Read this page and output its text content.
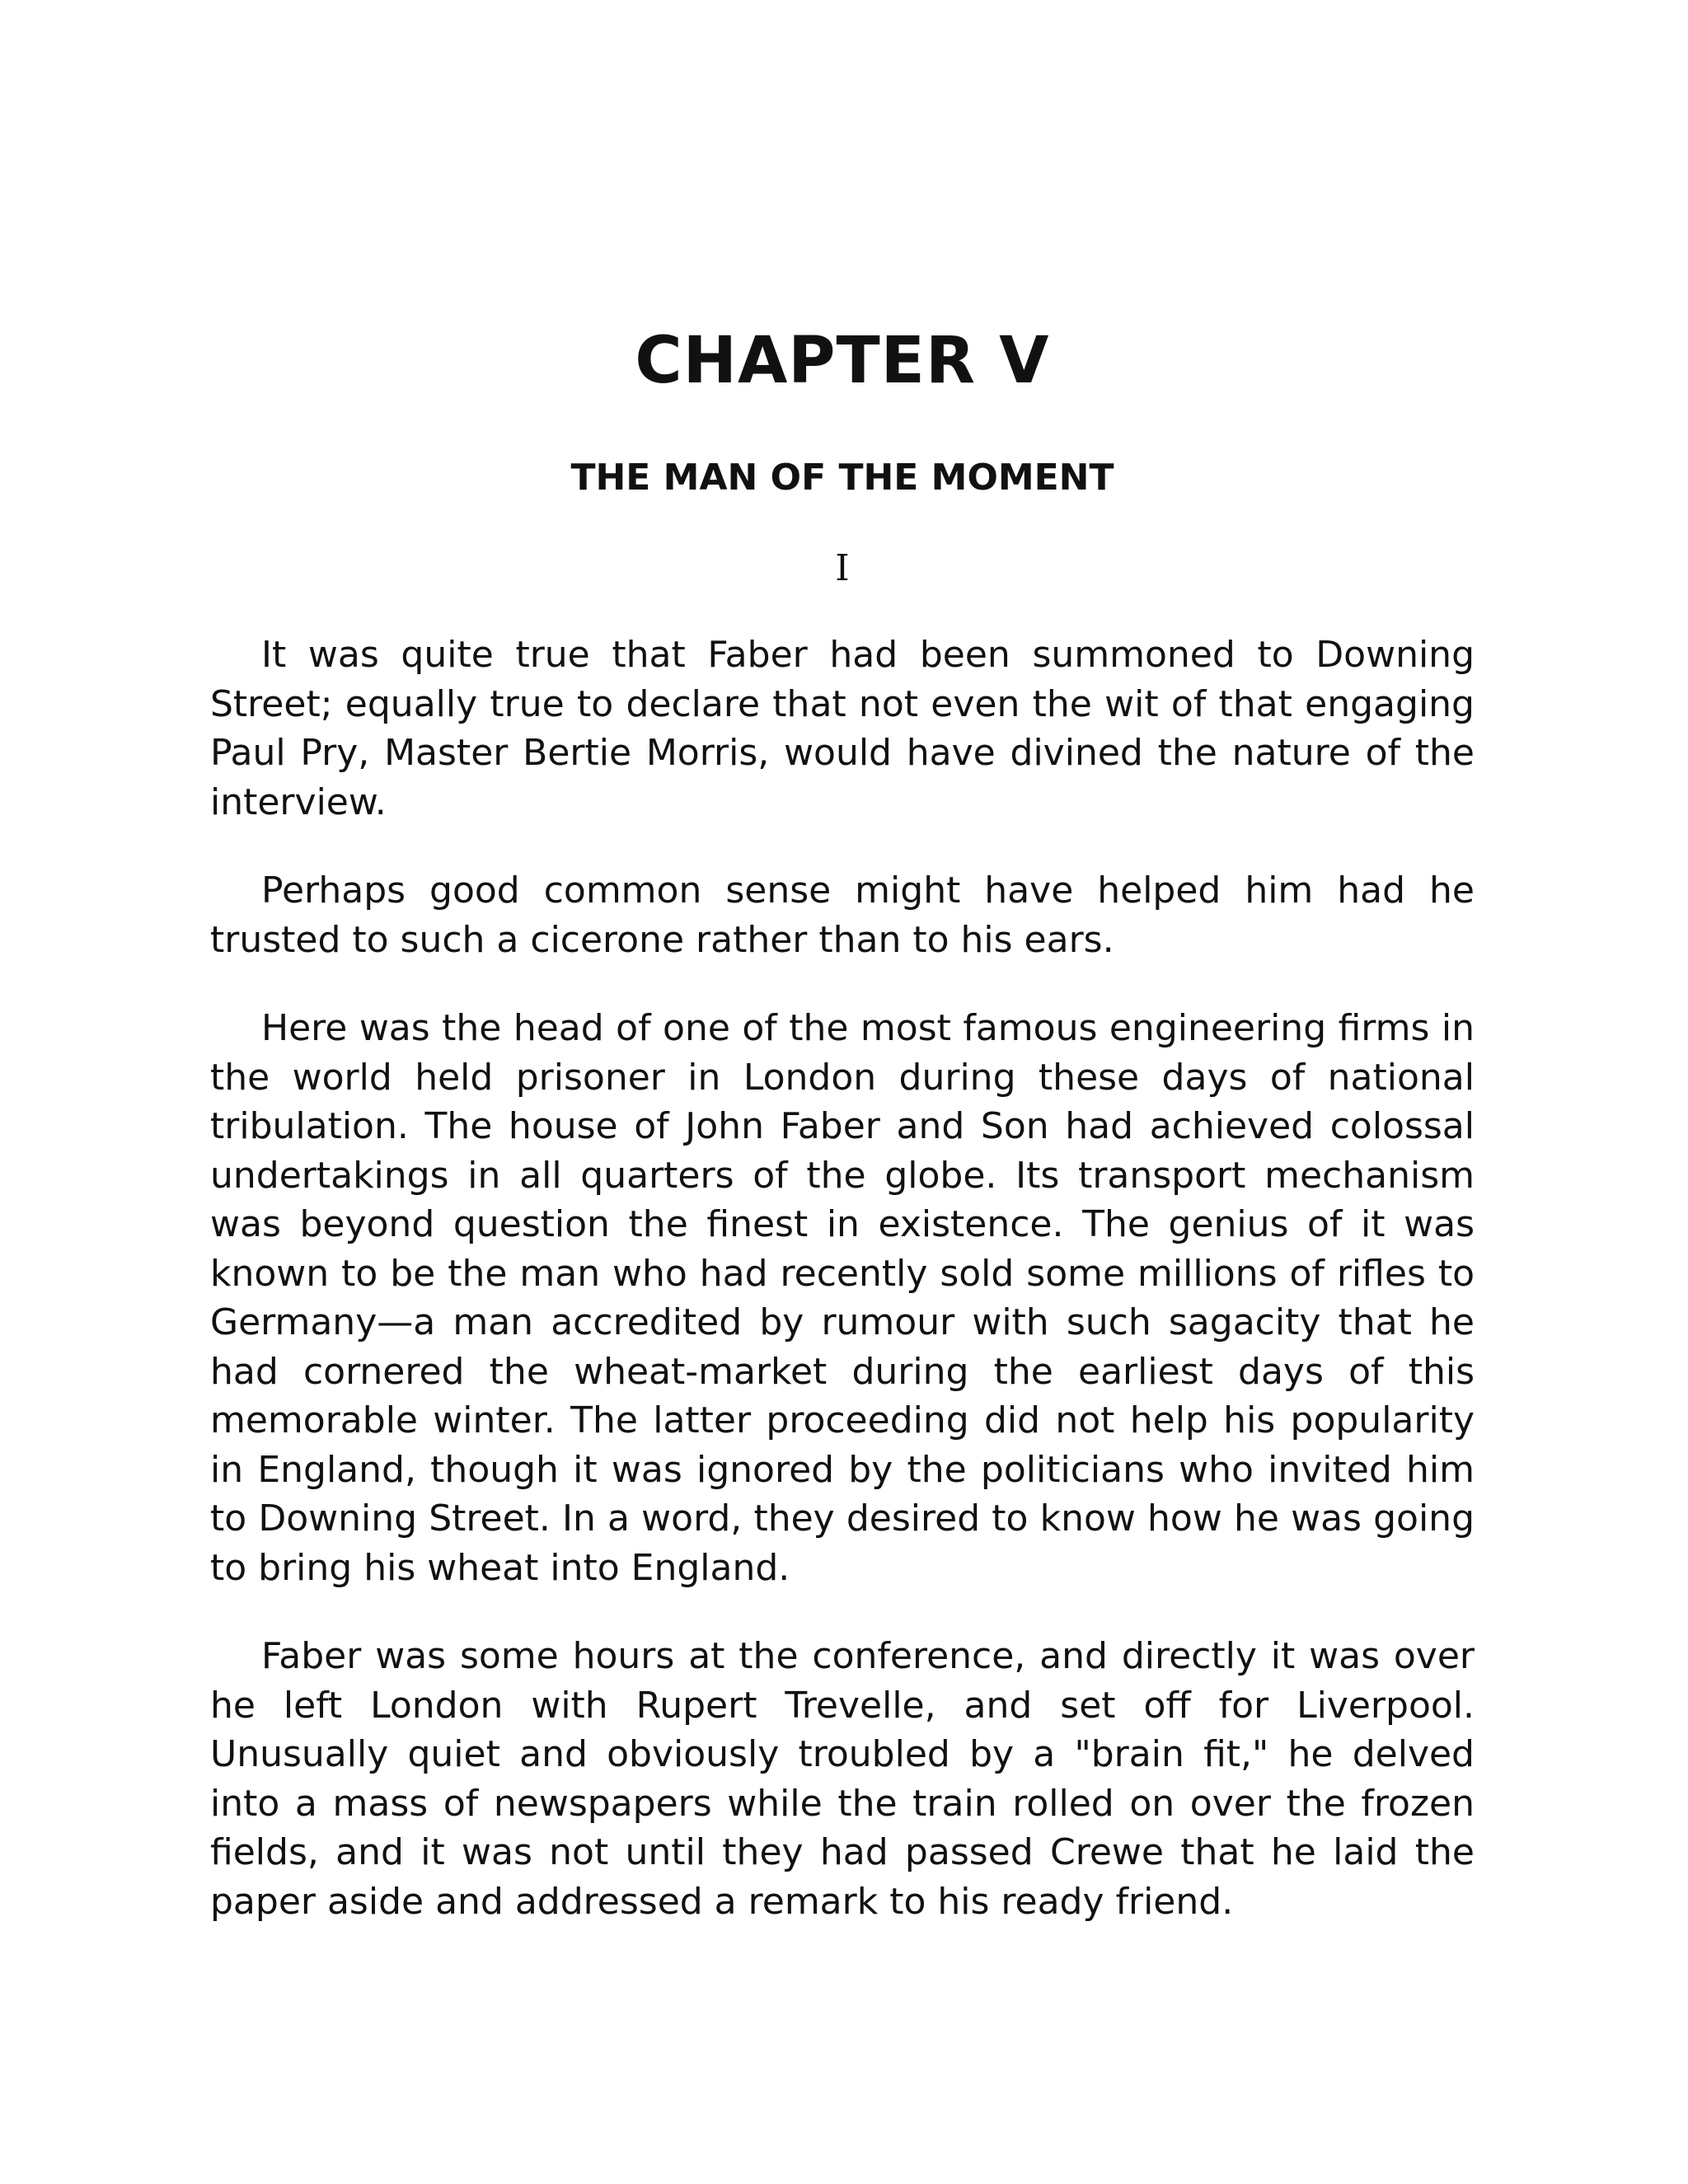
CHAPTER V
THE MAN OF THE MOMENT
I

It was quite true that Faber had been summoned to Downing Street; equally true to declare that not even the wit of that engaging Paul Pry, Master Bertie Morris, would have divined the nature of the interview.

Perhaps good common sense might have helped him had he trusted to such a cicerone rather than to his ears.

Here was the head of one of the most famous engineering firms in the world held prisoner in London during these days of national tribulation. The house of John Faber and Son had achieved colossal undertakings in all quarters of the globe. Its transport mechanism was beyond question the finest in existence. The genius of it was known to be the man who had recently sold some millions of rifles to Germany—a man accredited by rumour with such sagacity that he had cornered the wheat-market during the earliest days of this memorable winter. The latter proceeding did not help his popularity in England, though it was ignored by the politicians who invited him to Downing Street. In a word, they desired to know how he was going to bring his wheat into England.

Faber was some hours at the conference, and directly it was over he left London with Rupert Trevelle, and set off for Liverpool. Unusually quiet and obviously troubled by a "brain fit," he delved into a mass of newspapers while the train rolled on over the frozen fields, and it was not until they had passed Crewe that he laid the paper aside and addressed a remark to his ready friend.
